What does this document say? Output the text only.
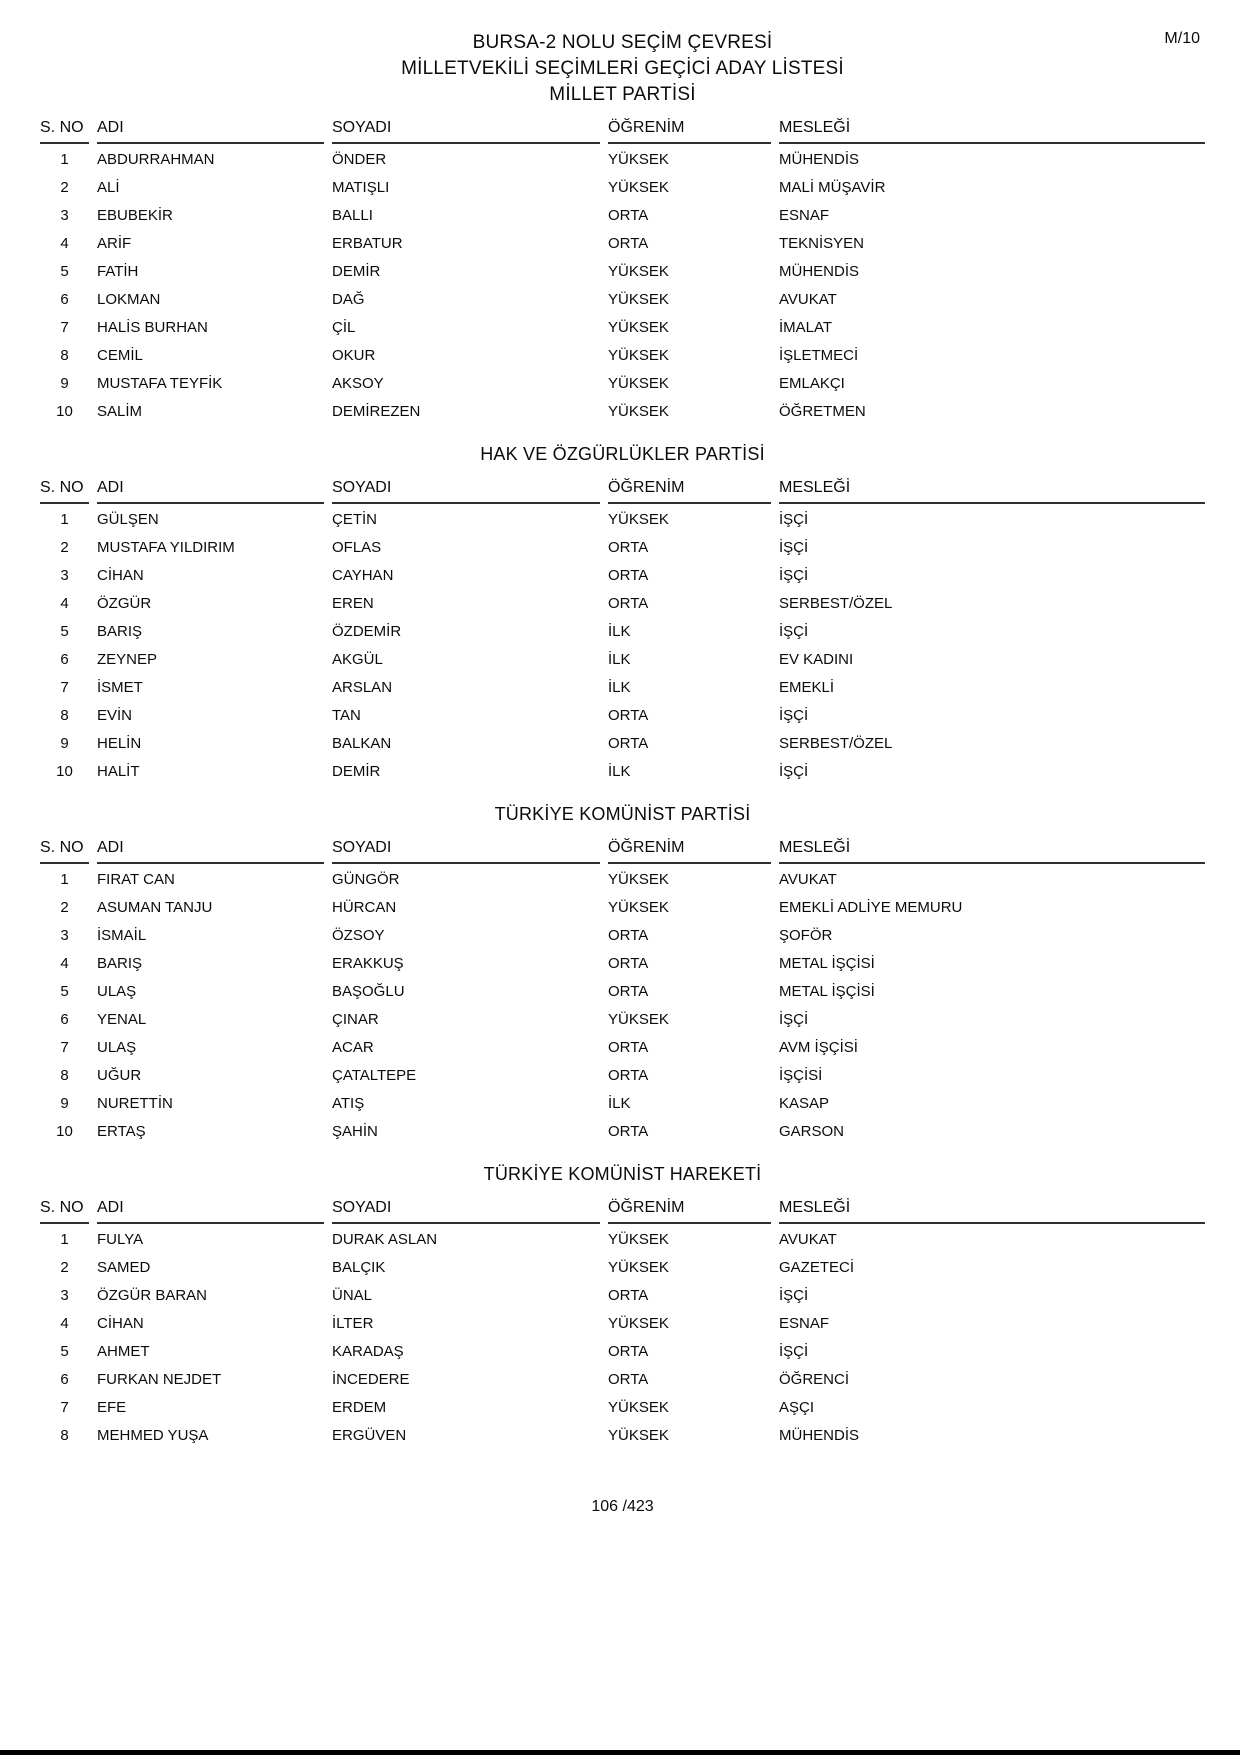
M/10
BURSA-2 NOLU SEÇİM ÇEVRESİ
MİLLETVEKİLİ SEÇİMLERİ GEÇİCİ ADAY LİSTESİ
MİLLET PARTİSİ
S. NO ADI	SOYADI	ÖĞRENİM	MESLEĞİ
1	ABDURRAHMAN	ÖNDER	YÜKSEK	MÜHENDİS
2	ALİ	MATIŞLI	YÜKSEK	MALİ MÜŞAVİR
3	EBUBEKİR	BALLI	ORTA	ESNAF
4	ARİF	ERBATUR	ORTA	TEKNİSYEN
5	FATİH	DEMİR	YÜKSEK	MÜHENDİS
6	LOKMAN	DAĞ	YÜKSEK	AVUKAT
7	HALİS BURHAN	ÇİL	YÜKSEK	İMALAT
8	CEMİL	OKUR	YÜKSEK	İŞLETMECİ
9	MUSTAFA TEYFİK	AKSOY	YÜKSEK	EMLAKÇI
10	SALİM	DEMİREZEN	YÜKSEK	ÖĞRETMEN
HAK VE ÖZGÜRLÜKLER PARTİSİ
S. NO ADI	SOYADI	ÖĞRENİM	MESLEĞİ
1	GÜLŞEN	ÇETİN	YÜKSEK	İŞÇİ
2	MUSTAFA YILDIRIM	OFLAS	ORTA	İŞÇİ
3	CİHAN	CAYHAN	ORTA	İŞÇİ
4	ÖZGÜR	EREN	ORTA	SERBEST/ÖZEL
5	BARIŞ	ÖZDEMİR	İLK	İŞÇİ
6	ZEYNEP	AKGÜL	İLK	EV KADINI
7	İSMET	ARSLAN	İLK	EMEKLİ
8	EVİN	TAN	ORTA	İŞÇİ
9	HELİN	BALKAN	ORTA	SERBEST/ÖZEL
10	HALİT	DEMİR	İLK	İŞÇİ
TÜRKİYE KOMÜNİST PARTİSİ
S. NO ADI	SOYADI	ÖĞRENİM	MESLEĞİ
1	FIRAT CAN	GÜNGÖR	YÜKSEK	AVUKAT
2	ASUMAN TANJU	HÜRCAN	YÜKSEK	EMEKLİ ADLİYE MEMURU
3	İSMAİL	ÖZSOY	ORTA	ŞOFÖR
4	BARIŞ	ERAKKUŞ	ORTA	METAL İŞÇİSİ
5	ULAŞ	BAŞOĞLU	ORTA	METAL İŞÇİSİ
6	YENAL	ÇINAR	YÜKSEK	İŞÇİ
7	ULAŞ	ACAR	ORTA	AVM İŞÇİSİ
8	UĞUR	ÇATALTEPE	ORTA	İŞÇİSİ
9	NURETTİN	ATIŞ	İLK	KASAP
10	ERTAŞ	ŞAHİN	ORTA	GARSON
TÜRKİYE KOMÜNİST HAREKETİ
S. NO ADI	SOYADI	ÖĞRENİM	MESLEĞİ
1	FULYA	DURAK ASLAN	YÜKSEK	AVUKAT
2	SAMED	BALÇIK	YÜKSEK	GAZETECİ
3	ÖZGÜR BARAN	ÜNAL	ORTA	İŞÇİ
4	CİHAN	İLTER	YÜKSEK	ESNAF
5	AHMET	KARADAŞ	ORTA	İŞÇİ
6	FURKAN NEJDET	İNCEDERE	ORTA	ÖĞRENCİ
7	EFE	ERDEM	YÜKSEK	AŞÇI
8	MEHMED YUŞA	ERGÜVEN	YÜKSEK	MÜHENDİS
106 /423
